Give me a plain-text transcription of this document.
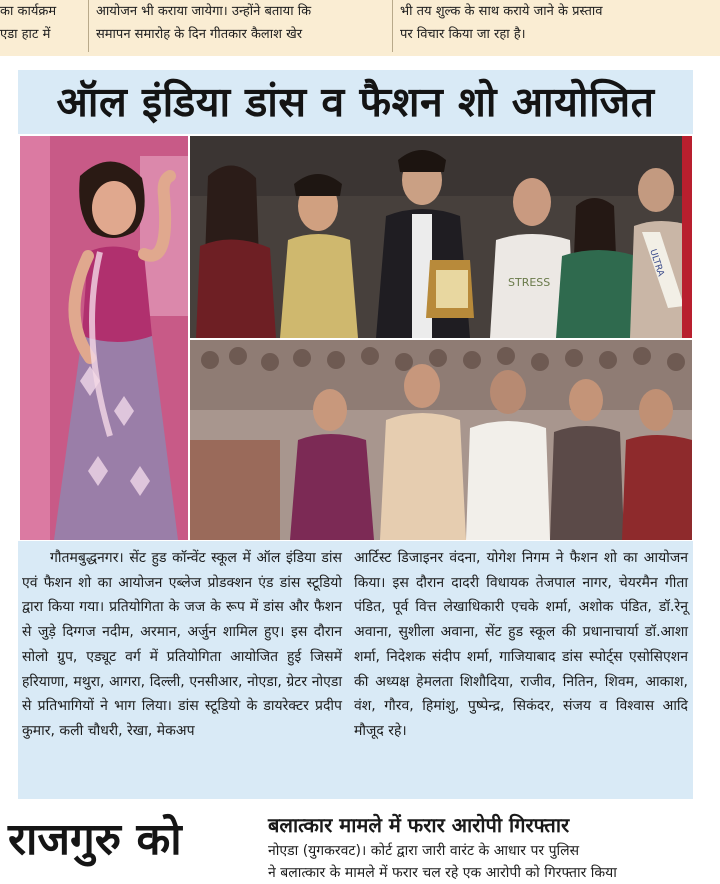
का कार्यक्रम
एडा हाट में
आयोजन भी कराया जायेगा। उन्होंने बताया कि
समापन समारोह के दिन गीतकार कैलाश खेर
भी तय शुल्क के साथ कराये जाने के प्रस्ताव
पर विचार किया जा रहा है।
ऑल इंडिया डांस व फैशन शो आयोजित
STRESS
ULTRA
गौतमबुद्धनगर। सेंट हुड कॉन्वेंट स्कूल में ऑल इंडिया डांस एवं फैशन शो का आयोजन एब्लेज प्रोडक्शन एंड डांस स्टूडियो द्वारा किया गया। प्रतियोगिता के जज के रूप में डांस और फैशन से जुड़े दिग्गज नदीम, अरमान, अर्जुन शामिल हुए। इस दौरान सोलो ग्रुप, एड्यूट वर्ग में प्रतियोगिता आयोजित हुई जिसमें हरियाणा, मथुरा, आगरा, दिल्ली, एनसीआर, नोएडा, ग्रेटर नोएडा से प्रतिभागियों ने भाग लिया। डांस स्टूडियो के डायरेक्टर प्रदीप कुमार, कली चौधरी, रेखा, मेकअप
आर्टिस्ट डिजाइनर वंदना, योगेश निगम ने फैशन शो का आयोजन किया। इस दौरान दादरी विधायक तेजपाल नागर, चेयरमैन गीता पंडित, पूर्व वित्त लेखाधिकारी एचके शर्मा, अशोक पंडित, डॉ.रेनू अवाना, सुशीला अवाना, सेंट हुड स्कूल की प्रधानाचार्या डॉ.आशा शर्मा, निदेशक संदीप शर्मा, गाजियाबाद डांस स्पोर्ट्स एसोसिएशन की अध्यक्ष हेमलता शिशौदिया, राजीव, नितिन, शिवम, आकाश, वंश, गौरव, हिमांशु, पुष्पेन्द्र, सिकंदर, संजय व विश्वास आदि मौजूद रहे।
राजगुरु को	बलात्कार मामले में फरार आरोपी गिरफ्तार
नोएडा (युगकरवट)। कोर्ट द्वारा जारी वारंट के आधार पर पुलिस
ने बलात्कार के मामले में फरार चल रहे एक आरोपी को गिरफ्तार किया
